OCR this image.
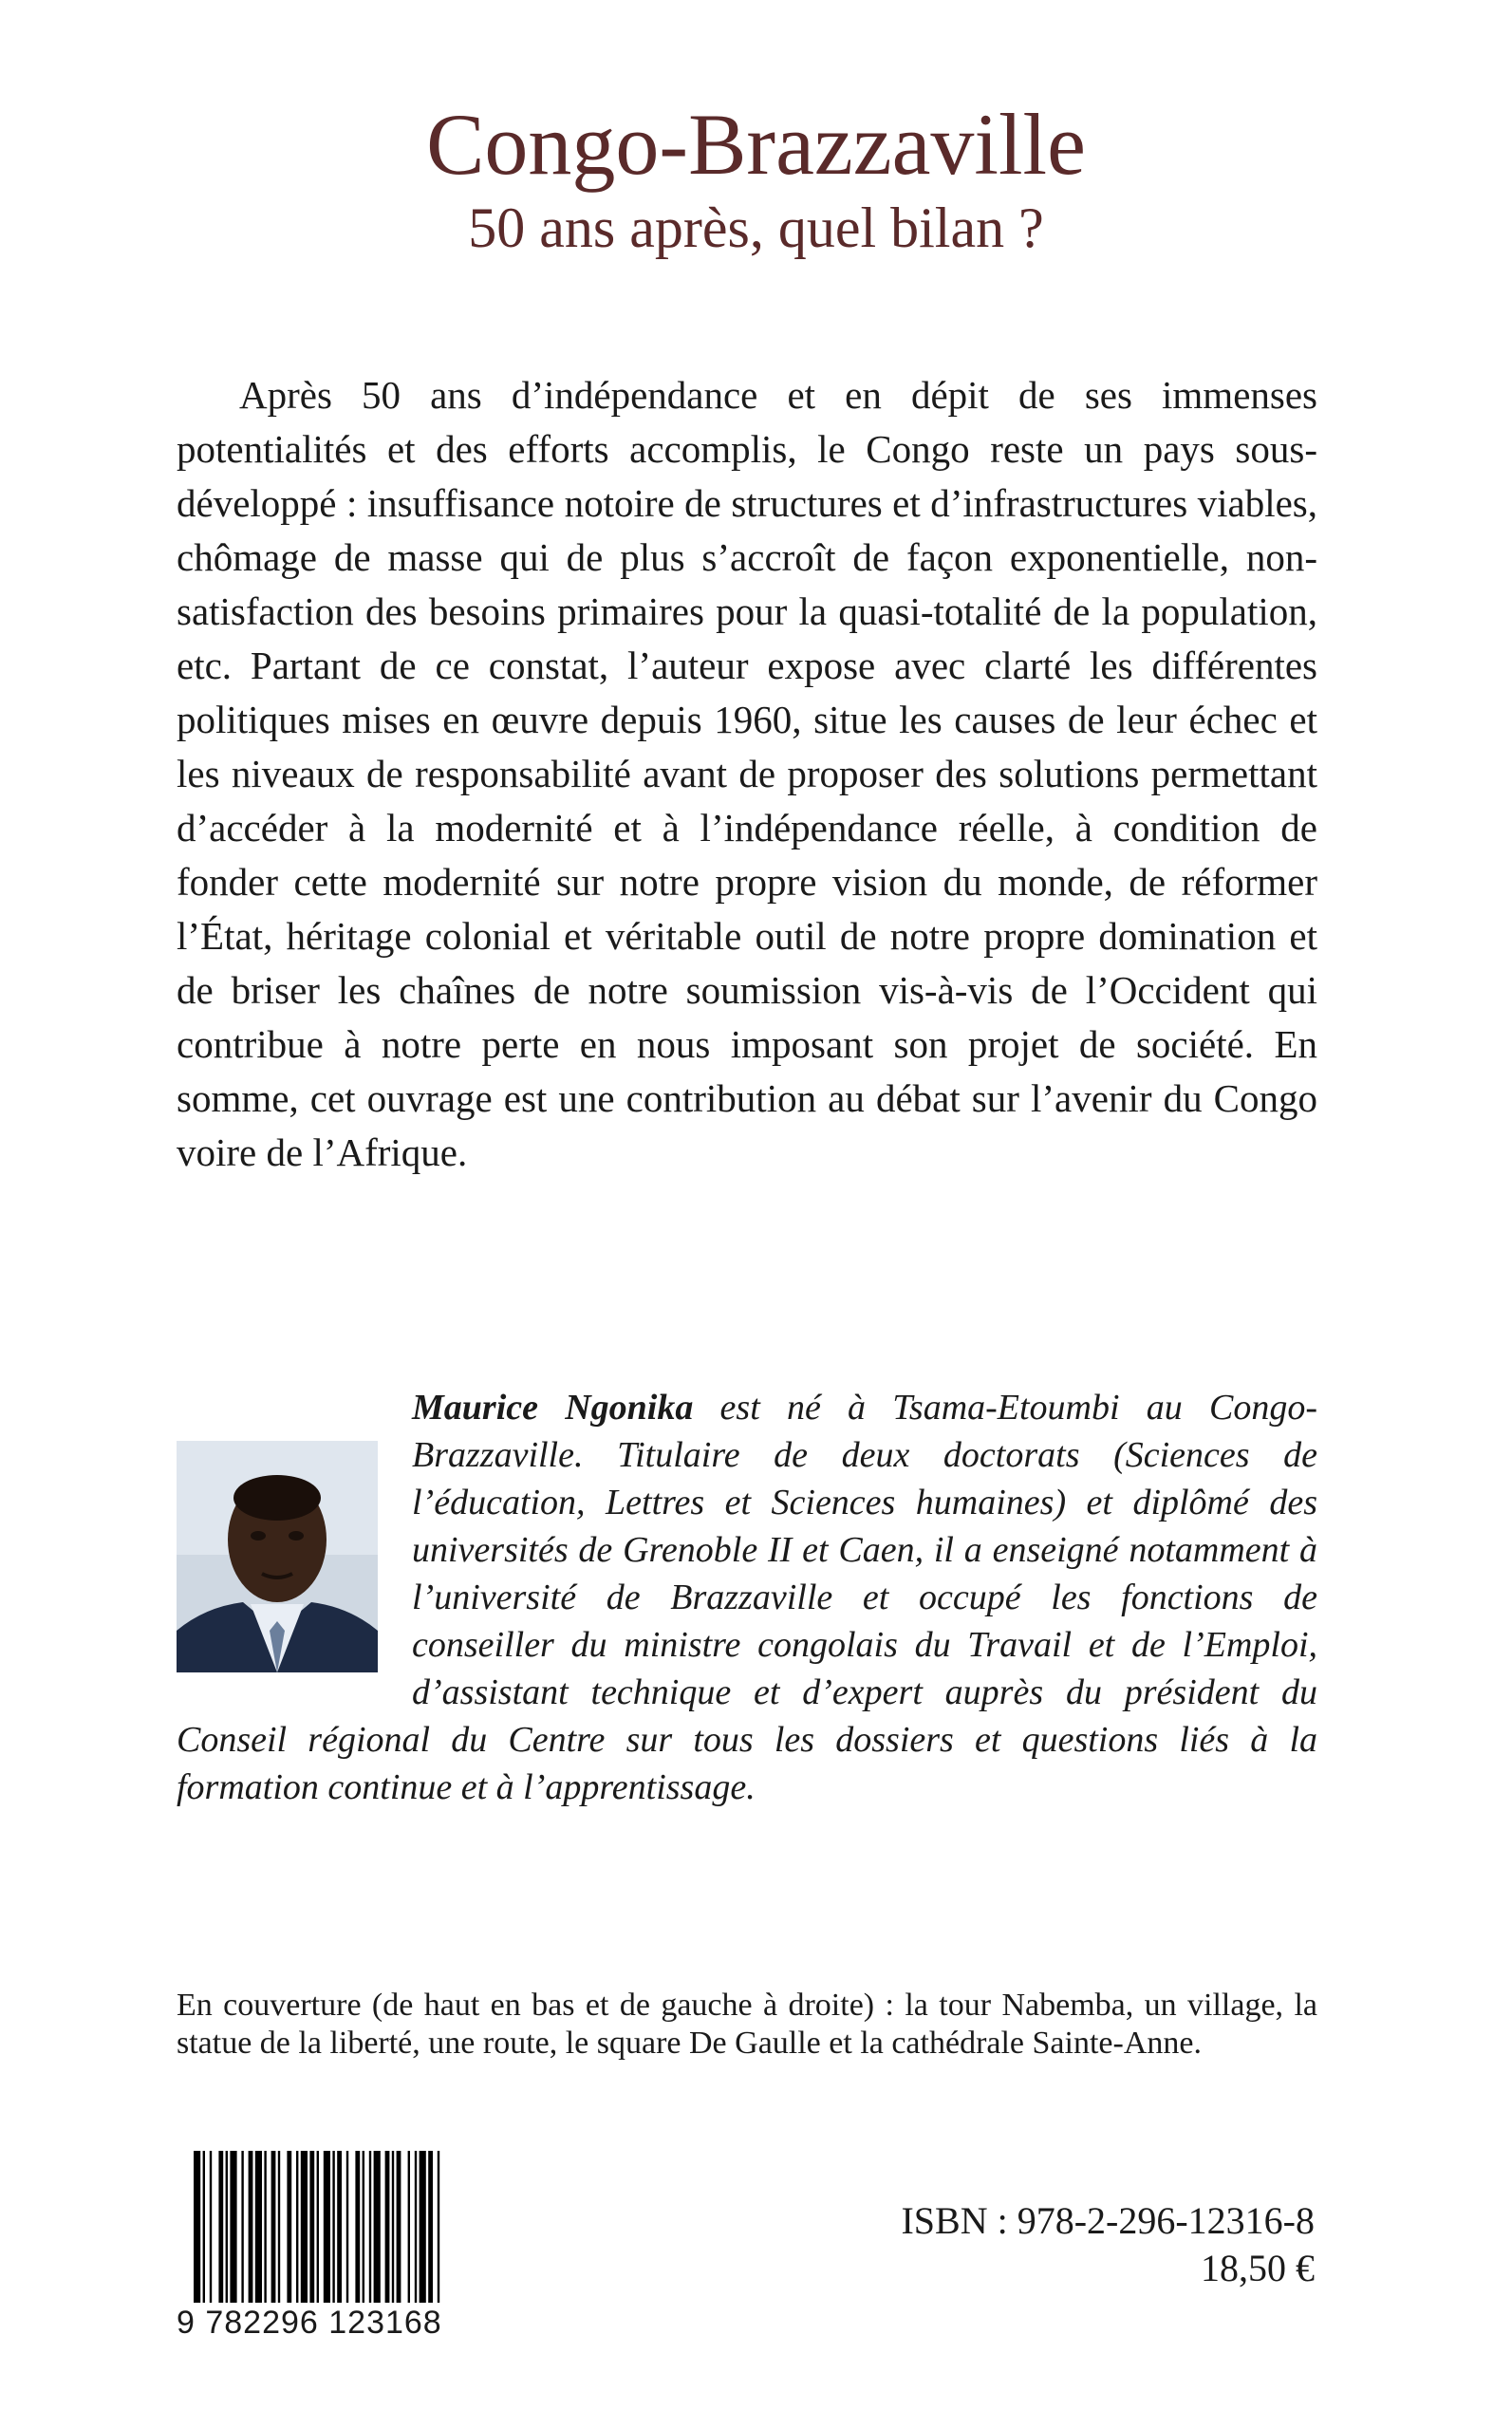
Congo-Brazzaville
50 ans après, quel bilan ?

Après 50 ans d’indépendance et en dépit de ses immenses potentialités et des efforts accomplis, le Congo reste un pays sous-développé : insuffisance notoire de structures et d’infrastructures viables, chômage de masse qui de plus s’accroît de façon exponentielle, non-satisfaction des besoins primaires pour la quasi-totalité de la population, etc. Partant de ce constat, l’auteur expose avec clarté les différentes politiques mises en œuvre depuis 1960, situe les causes de leur échec et les niveaux de responsabilité avant de proposer des solutions permettant d’accéder à la modernité et à l’indépendance réelle, à condition de fonder cette modernité sur notre propre vision du monde, de réformer l’État, héritage colonial et véritable outil de notre propre domination et de briser les chaînes de notre soumission vis-à-vis de l’Occident qui contribue à notre perte en nous imposant son projet de société. En somme, cet ouvrage est une contribution au débat sur l’avenir du Congo voire de l’Afrique.

Maurice Ngonika est né à Tsama-Etoumbi au Congo-Brazzaville. Titulaire de deux doctorats (Sciences de l’éducation, Lettres et Sciences humaines) et diplômé des universités de Grenoble II et Caen, il a enseigné notamment à l’université de Brazzaville et occupé les fonctions de conseiller du ministre congolais du Travail et de l’Emploi, d’assistant technique et d’expert auprès du président du Conseil régional du Centre sur tous les dossiers et questions liés à la formation continue et à l’apprentissage.

En couverture (de haut en bas et de gauche à droite) : la tour Nabemba, un village, la statue de la liberté, une route, le square De Gaulle et la cathédrale Sainte-Anne.

9 782296 123168
ISBN : 978-2-296-12316-8
18,50 €
